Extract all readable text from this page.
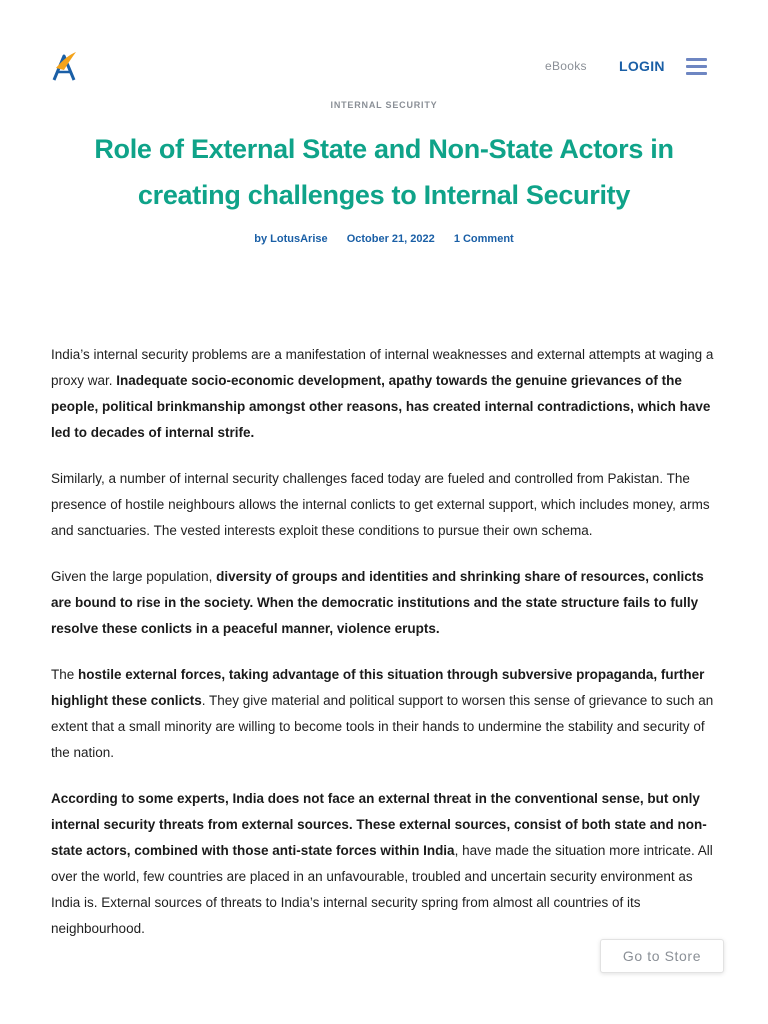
eBooks LOGIN
INTERNAL SECURITY
Role of External State and Non-State Actors in creating challenges to Internal Security
by LotusArise October 21, 2022 1 Comment

India’s internal security problems are a manifestation of internal weaknesses and external attempts at waging a proxy war. Inadequate socio-economic development, apathy towards the genuine grievances of the people, political brinkmanship amongst other reasons, has created internal contradictions, which have led to decades of internal strife.

Similarly, a number of internal security challenges faced today are fueled and controlled from Pakistan. The presence of hostile neighbours allows the internal conlicts to get external support, which includes money, arms and sanctuaries. The vested interests exploit these conditions to pursue their own schema.

Given the large population, diversity of groups and identities and shrinking share of resources, conlicts are bound to rise in the society. When the democratic institutions and the state structure fails to fully resolve these conlicts in a peaceful manner, violence erupts.

The hostile external forces, taking advantage of this situation through subversive propaganda, further highlight these conlicts. They give material and political support to worsen this sense of grievance to such an extent that a small minority are willing to become tools in their hands to undermine the stability and security of the nation.

According to some experts, India does not face an external threat in the conventional sense, but only internal security threats from external sources. These external sources, consist of both state and non-state actors, combined with those anti-state forces within India, have made the situation more intricate. All over the world, few countries are placed in an unfavourable, troubled and uncertain security environment as India is. External sources of threats to India’s internal security spring from almost all countries of its neighbourhood.

Go to Store
